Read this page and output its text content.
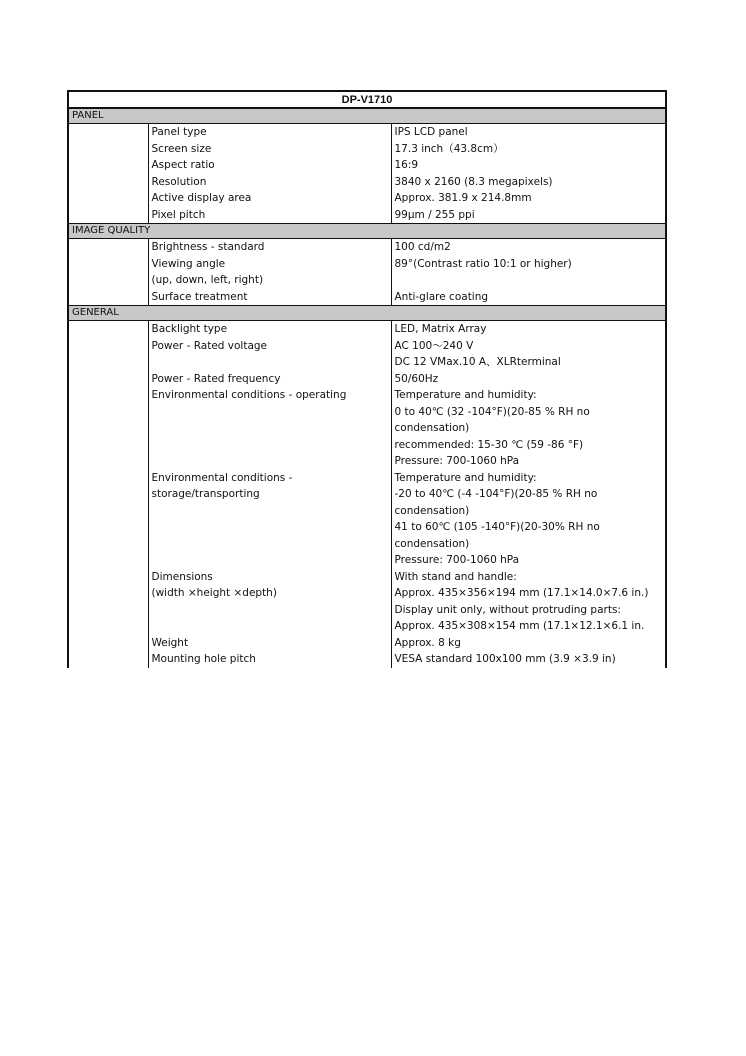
DP-V1710		
PANEL		

	Panel type	IPS LCD panel
	Screen size	17.3 inch（43.8cm）
	Aspect ratio	16:9
	Resolution	3840 x 2160 (8.3 megapixels)
	Active display area	Approx. 381.9 x 214.8mm
	Pixel pitch	99μm / 255 ppi
IMAGE QUALITY		

	Brightness - standard	100 cd/m2
	Viewing angle	89°(Contrast ratio 10:1 or higher)
	(up, down, left, right)	
	Surface treatment	Anti-glare coating
GENERAL		

	Backlight type	LED, Matrix Array
	Power - Rated voltage	AC 100～240 V
		DC 12 VMax.10 A、XLRterminal
	Power - Rated frequency	50/60Hz
	Environmental conditions - operating	Temperature and humidity:
		0 to 40℃ (32 -104°F)(20-85 % RH no
		condensation)
		recommended: 15-30 ℃ (59 -86 °F)
		Pressure: 700-1060 hPa
	Environmental conditions -	Temperature and humidity:
	storage/transporting	-20 to 40℃ (-4 -104°F)(20-85 % RH no
		condensation)
		41 to 60℃ (105 -140°F)(20-30% RH no
		condensation)
		Pressure: 700-1060 hPa
	Dimensions	With stand and handle:
	(width ×height ×depth)	Approx. 435×356×194 mm (17.1×14.0×7.6 in.)
		Display unit only, without protruding parts:
		Approx. 435×308×154 mm (17.1×12.1×6.1 in.

	Weight	Approx. 8 kg
	Mounting hole pitch	VESA standard 100x100 mm (3.9 ×3.9 in)
